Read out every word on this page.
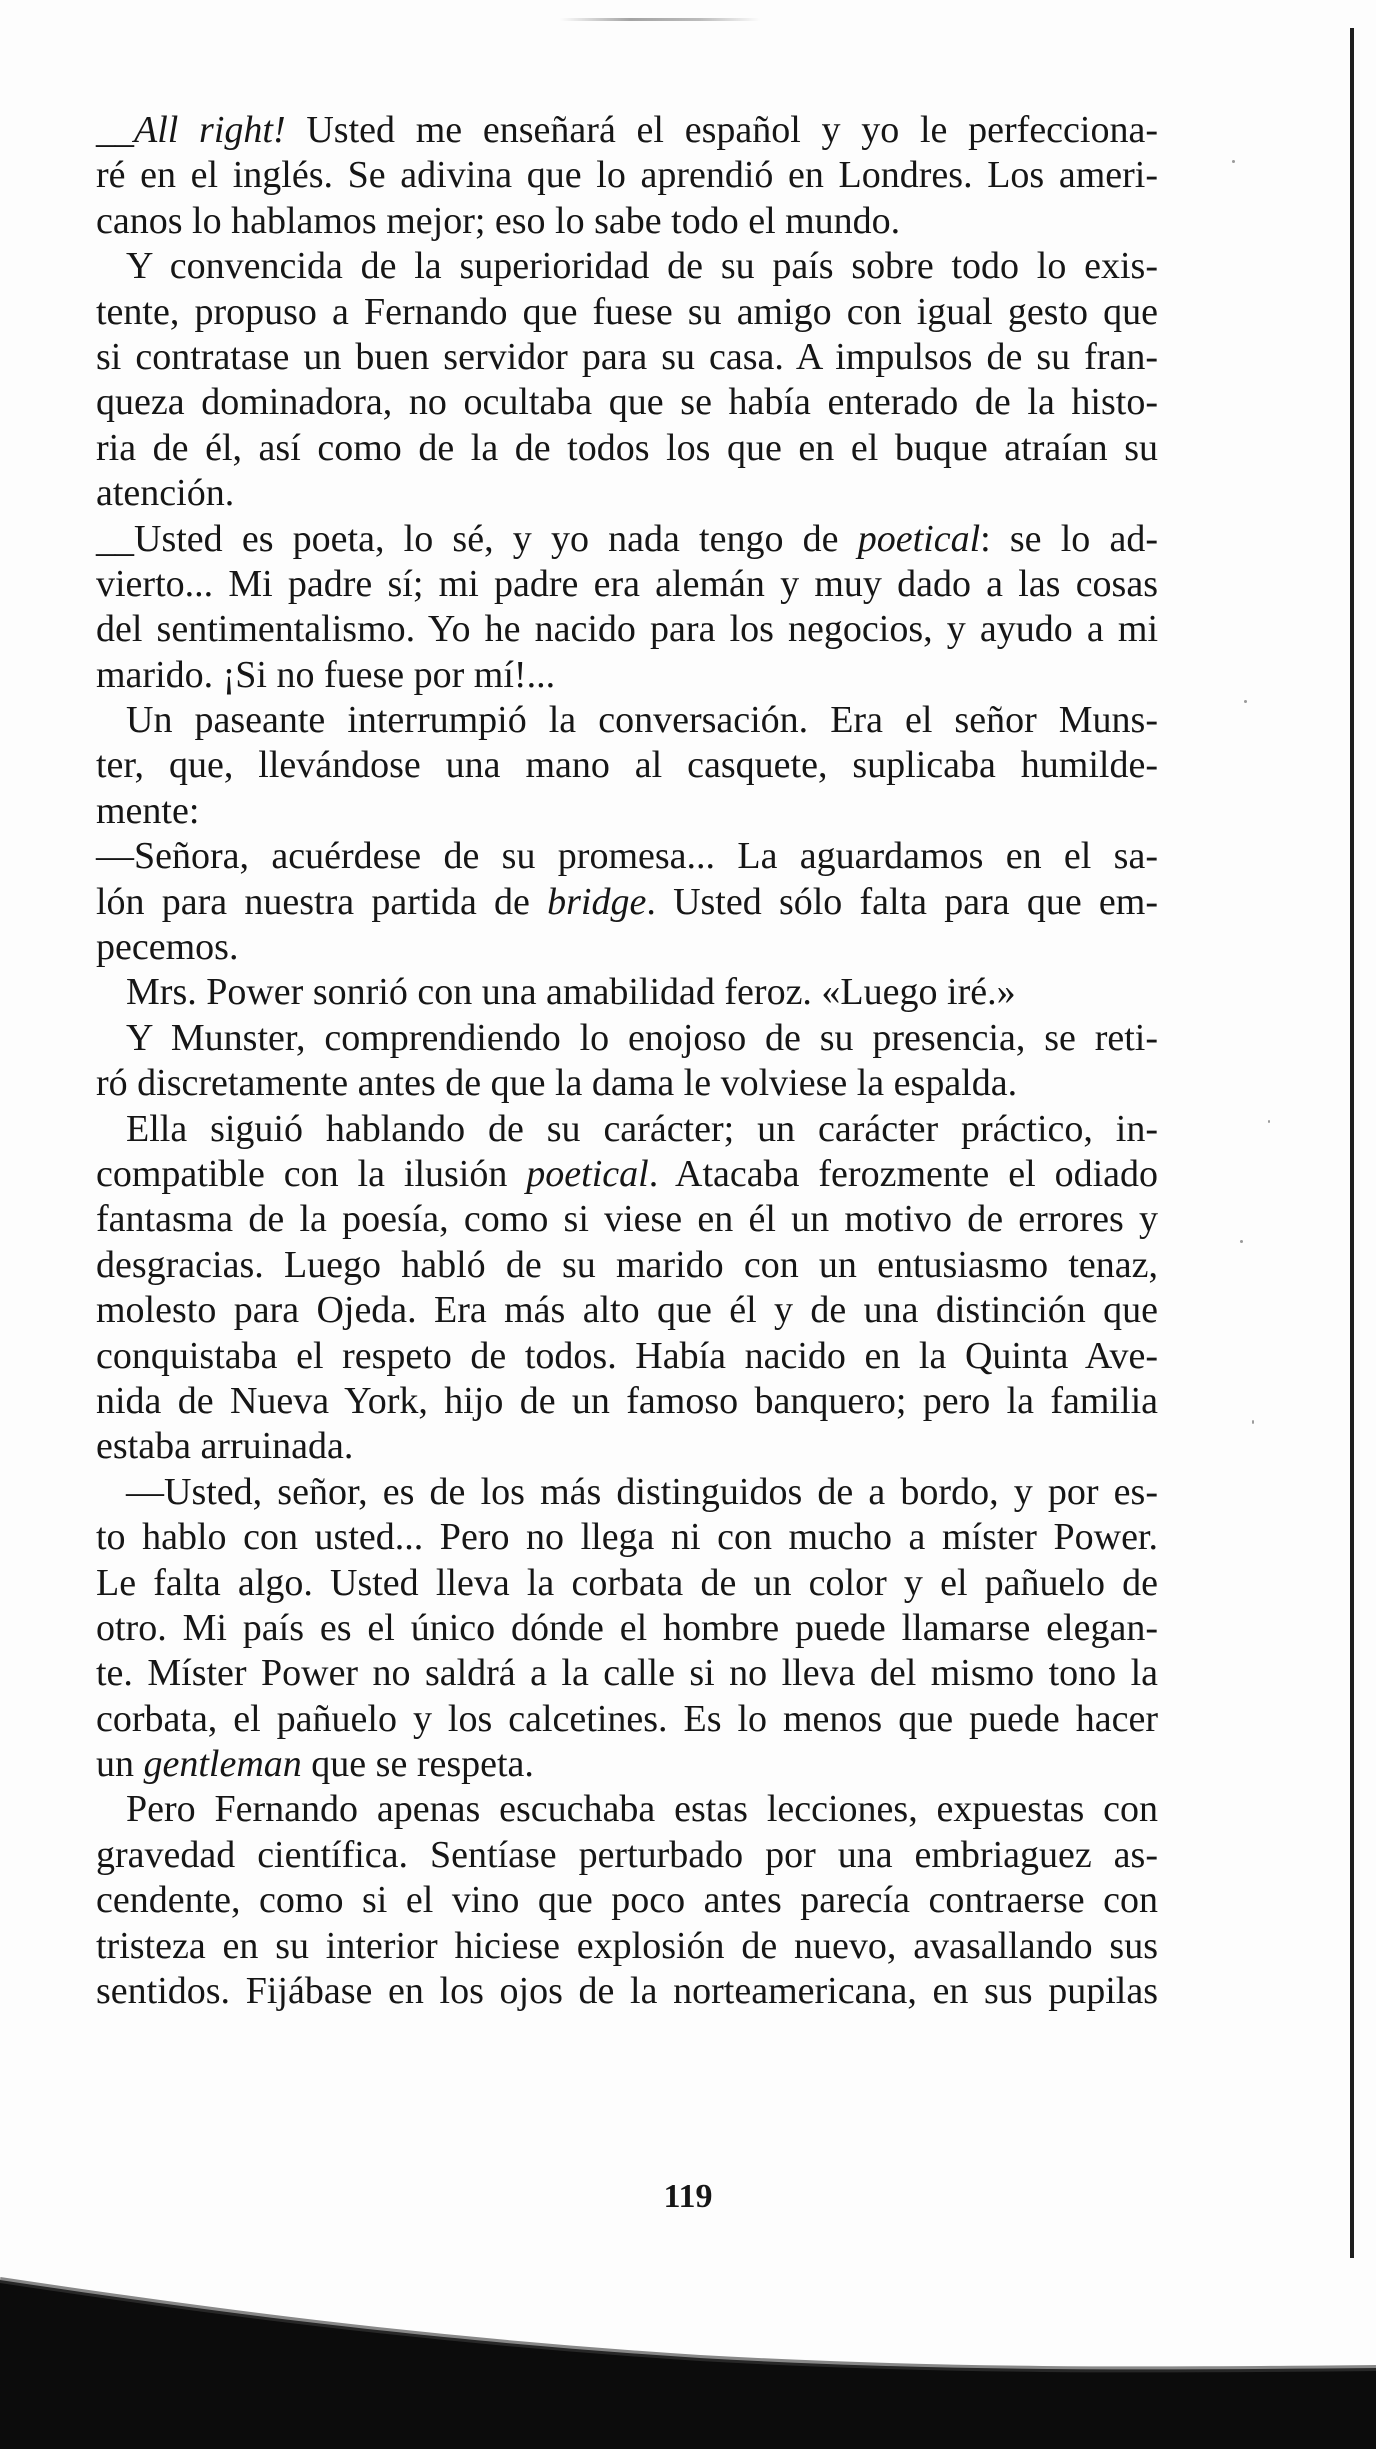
__All right! Usted me enseñará el español y yo le perfecciona-
ré en el inglés. Se adivina que lo aprendió en Londres. Los ameri-
canos lo hablamos mejor; eso lo sabe todo el mundo.
Y convencida de la superioridad de su país sobre todo lo exis-
tente, propuso a Fernando que fuese su amigo con igual gesto que
si contratase un buen servidor para su casa. A impulsos de su fran-
queza dominadora, no ocultaba que se había enterado de la histo-
ria de él, así como de la de todos los que en el buque atraían su
atención.
__Usted es poeta, lo sé, y yo nada tengo de poetical: se lo ad-
vierto... Mi padre sí; mi padre era alemán y muy dado a las cosas
del sentimentalismo. Yo he nacido para los negocios, y ayudo a mi
marido. ¡Si no fuese por mí!...
Un paseante interrumpió la conversación. Era el señor Muns-
ter, que, llevándose una mano al casquete, suplicaba humilde-
mente:
—Señora, acuérdese de su promesa... La aguardamos en el sa-
lón para nuestra partida de bridge. Usted sólo falta para que em-
pecemos.
Mrs. Power sonrió con una amabilidad feroz. «Luego iré.»
Y Munster, comprendiendo lo enojoso de su presencia, se reti-
ró discretamente antes de que la dama le volviese la espalda.
Ella siguió hablando de su carácter; un carácter práctico, in-
compatible con la ilusión poetical. Atacaba ferozmente el odiado
fantasma de la poesía, como si viese en él un motivo de errores y
desgracias. Luego habló de su marido con un entusiasmo tenaz,
molesto para Ojeda. Era más alto que él y de una distinción que
conquistaba el respeto de todos. Había nacido en la Quinta Ave-
nida de Nueva York, hijo de un famoso banquero; pero la familia
estaba arruinada.
—Usted, señor, es de los más distinguidos de a bordo, y por es-
to hablo con usted... Pero no llega ni con mucho a míster Power.
Le falta algo. Usted lleva la corbata de un color y el pañuelo de
otro. Mi país es el único dónde el hombre puede llamarse elegan-
te. Míster Power no saldrá a la calle si no lleva del mismo tono la
corbata, el pañuelo y los calcetines. Es lo menos que puede hacer
un gentleman que se respeta.
Pero Fernando apenas escuchaba estas lecciones, expuestas con
gravedad científica. Sentíase perturbado por una embriaguez as-
cendente, como si el vino que poco antes parecía contraerse con
tristeza en su interior hiciese explosión de nuevo, avasallando sus
sentidos. Fijábase en los ojos de la norteamericana, en sus pupilas
119
